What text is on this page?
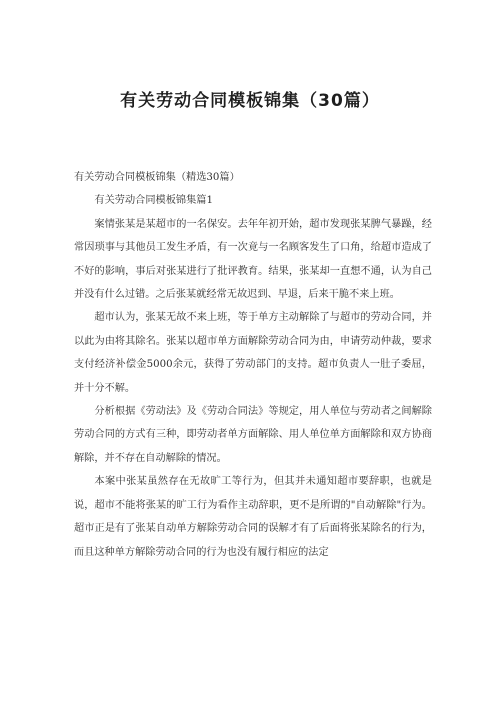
有关劳动合同模板锦集（30篇）

有关劳动合同模板锦集（精选30篇）

有关劳动合同模板锦集篇1

案情张某是某超市的一名保安。去年年初开始，超市发现张某脾气暴躁，经常因琐事与其他员工发生矛盾，有一次竟与一名顾客发生了口角，给超市造成了不好的影响，事后对张某进行了批评教育。结果，张某却一直想不通，认为自己并没有什么过错。之后张某就经常无故迟到、早退，后来干脆不来上班。

超市认为，张某无故不来上班，等于单方主动解除了与超市的劳动合同，并以此为由将其除名。张某以超市单方面解除劳动合同为由，申请劳动仲裁，要求支付经济补偿金5000余元，获得了劳动部门的支持。超市负责人一肚子委屈，并十分不解。

分析根据《劳动法》及《劳动合同法》等规定，用人单位与劳动者之间解除劳动合同的方式有三种，即劳动者单方面解除、用人单位单方面解除和双方协商解除，并不存在自动解除的情况。

本案中张某虽然存在无故旷工等行为，但其并未通知超市要辞职，也就是说，超市不能将张某的旷工行为看作主动辞职，更不是所谓的"自动解除"行为。超市正是有了张某自动单方解除劳动合同的误解才有了后面将张某除名的行为，而且这种单方解除劳动合同的行为也没有履行相应的法定
